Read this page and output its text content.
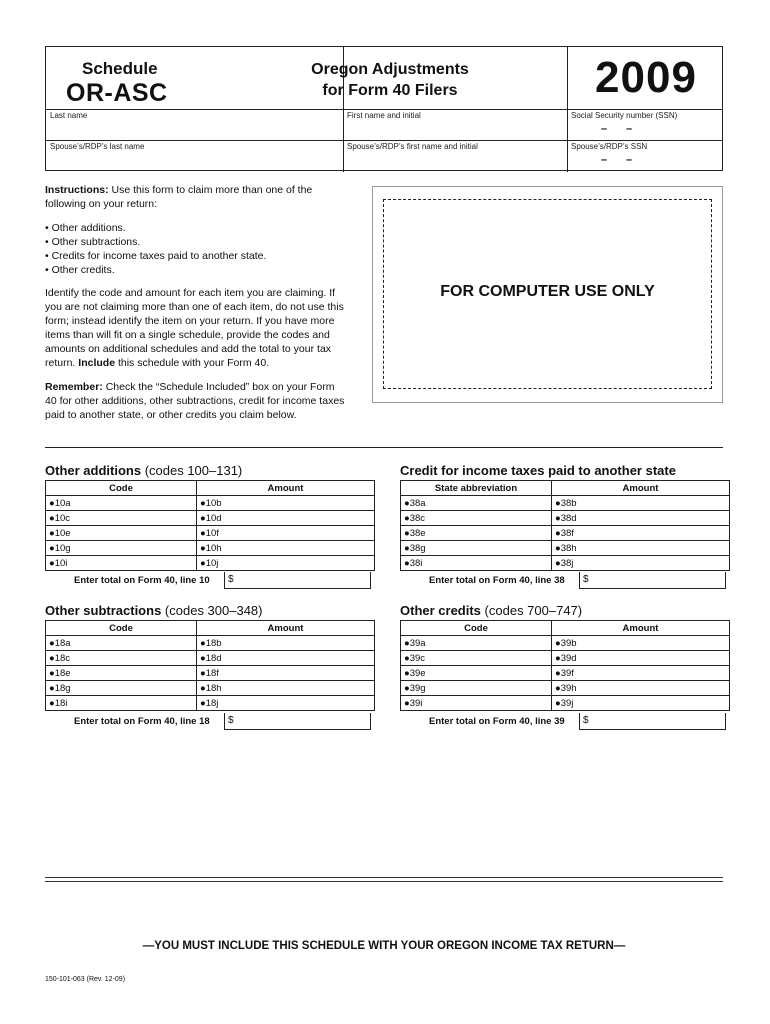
Schedule
OR-ASC
Oregon Adjustments
for Form 40 Filers	2009
Last name	First name and initial	Social Security number (SSN)
– –
Spouse’s/RDP’s last name	Spouse’s/RDP’s first name and initial	Spouse’s/RDP’s SSN
– –

Instructions: Use this form to claim more than one of the following on your return:

• Other additions.
• Other subtractions.
• Credits for income taxes paid to another state.
• Other credits.

Identify the code and amount for each item you are claiming. If you are not claiming more than one of each item, do not use this form; instead identify the item on your return. If you have more items than will fit on a single schedule, provide the codes and amounts on additional schedules and add the total to your tax return. Include this schedule with your Form 40.

Remember: Check the “Schedule Included” box on your Form 40 for other additions, other subtractions, credit for income taxes paid to another state, or other credits you claim below.

FOR COMPUTER USE ONLY
Other additions (codes 100–131)
Code	Amount
●10a	●10b
●10c	●10d
●10e	●10f
●10g	●10h
●10i	●10j
Enter total on Form 40, line 10 $
Credit for income taxes paid to another state
State abbreviation	Amount
●38a	●38b
●38c	●38d
●38e	●38f
●38g	●38h
●38i	●38j
Enter total on Form 40, line 38 $
Other subtractions (codes 300–348)
Code	Amount
●18a	●18b
●18c	●18d
●18e	●18f
●18g	●18h
●18i	●18j
Enter total on Form 40, line 18 $
Other credits (codes 700–747)
Code	Amount
●39a	●39b
●39c	●39d
●39e	●39f
●39g	●39h
●39i	●39j
Enter total on Form 40, line 39 $
—YOU MUST INCLUDE THIS SCHEDULE WITH YOUR OREGON INCOME TAX RETURN—
150-101-063 (Rev. 12-09)
